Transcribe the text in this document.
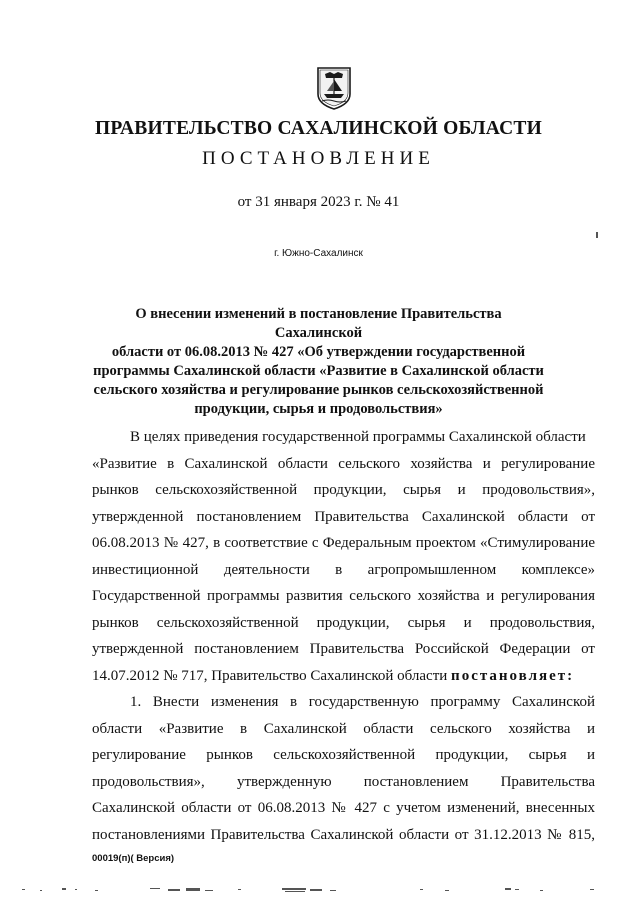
ПРАВИТЕЛЬСТВО САХАЛИНСКОЙ ОБЛАСТИ
ПОСТАНОВЛЕНИЕ
от 31 января 2023 г. № 41
г. Южно-Сахалинск
О внесении изменений в постановление Правительства Сахалинской
области от 06.08.2013 № 427 «Об утверждении государственной
программы Сахалинской области «Развитие в Сахалинской области
сельского хозяйства и регулирование рынков сельскохозяйственной
продукции, сырья и продовольствия»
В целях приведения государственной программы Сахалинской области
«Развитие в Сахалинской области сельского хозяйства и регулирование
рынков сельскохозяйственной продукции, сырья и продовольствия»,
утвержденной постановлением Правительства Сахалинской области от
06.08.2013 № 427, в соответствие с Федеральным проектом «Стимулирование
инвестиционной деятельности в агропромышленном комплексе»
Государственной программы развития сельского хозяйства и регулирования
рынков сельскохозяйственной продукции, сырья и продовольствия,
утвержденной постановлением Правительства Российской Федерации от
14.07.2012 № 717, Правительство Сахалинской области постановляет:
1. Внести изменения в государственную программу Сахалинской
области «Развитие в Сахалинской области сельского хозяйства и
регулирование рынков сельскохозяйственной продукции, сырья и
продовольствия», утвержденную постановлением Правительства
Сахалинской области от 06.08.2013 № 427 с учетом изменений, внесенных
постановлениями Правительства Сахалинской области от 31.12.2013 № 815,
00019(п)( Версия)
